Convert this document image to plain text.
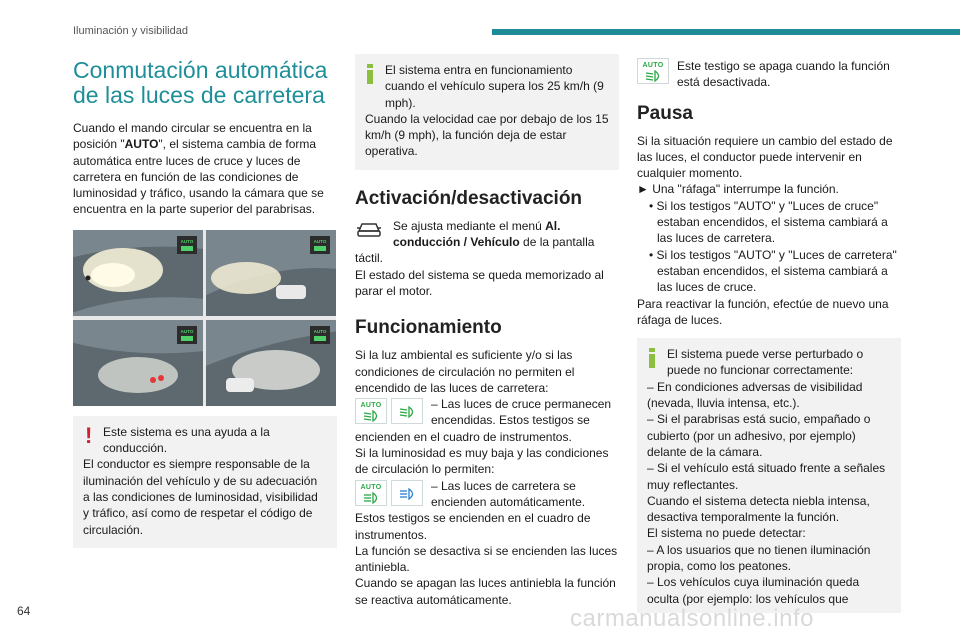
Iluminación y visibilidad
Conmutación automática de las luces de carretera

Cuando el mando circular se encuentra en la posición "AUTO", el sistema cambia de forma automática entre luces de cruce y luces de carretera en función de las condiciones de luminosidad y tráfico, usando la cámara que se encuentra en la parte superior del parabrisas.

AUTO	AUTO
AUTO	AUTO
! Este sistema es una ayuda a la conducción.

El conductor es siempre responsable de la iluminación del vehículo y de su adecuación a las condiciones de luminosidad, visibilidad y tráfico, así como de respetar el código de circulación.

El sistema entra en funcionamiento cuando el vehículo supera los 25 km/h (9 mph).

Cuando la velocidad cae por debajo de los 15 km/h (9 mph), la función deja de estar operativa.

Activación/desactivación

Se ajusta mediante el menú Al. conducción / Vehículo de la pantalla táctil.

El estado del sistema se queda memorizado al parar el motor.

Funcionamiento

Si la luz ambiental es suficiente y/o si las condiciones de circulación no permiten el encendido de las luces de carretera:

AUTO	– Las luces de cruce permanecen encendidas. Estos testigos se encienden en el cuadro de instrumentos.

Si la luminosidad es muy baja y las condiciones de circulación lo permiten:

AUTO	– Las luces de carretera se encienden automáticamente.

Estos testigos se encienden en el cuadro de instrumentos.

La función se desactiva si se encienden las luces antiniebla.

Cuando se apagan las luces antiniebla la función se reactiva automáticamente.

AUTO	Este testigo se apaga cuando la función está desactivada.

Pausa

Si la situación requiere un cambio del estado de las luces, el conductor puede intervenir en cualquier momento.

► Una "ráfaga" interrumpe la función.

• Si los testigos "AUTO" y "Luces de cruce" estaban encendidos, el sistema cambiará a las luces de carretera.

• Si los testigos "AUTO" y "Luces de carretera" estaban encendidos, el sistema cambiará a las luces de cruce.

Para reactivar la función, efectúe de nuevo una ráfaga de luces.

El sistema puede verse perturbado o puede no funcionar correctamente:

– En condiciones adversas de visibilidad (nevada, lluvia intensa, etc.).

– Si el parabrisas está sucio, empañado o cubierto (por un adhesivo, por ejemplo) delante de la cámara.

– Si el vehículo está situado frente a señales muy reflectantes.

Cuando el sistema detecta niebla intensa, desactiva temporalmente la función.

El sistema no puede detectar:

– A los usuarios que no tienen iluminación propia, como los peatones.

– Los vehículos cuya iluminación queda oculta (por ejemplo: los vehículos que

64	carmanualsonline.info
